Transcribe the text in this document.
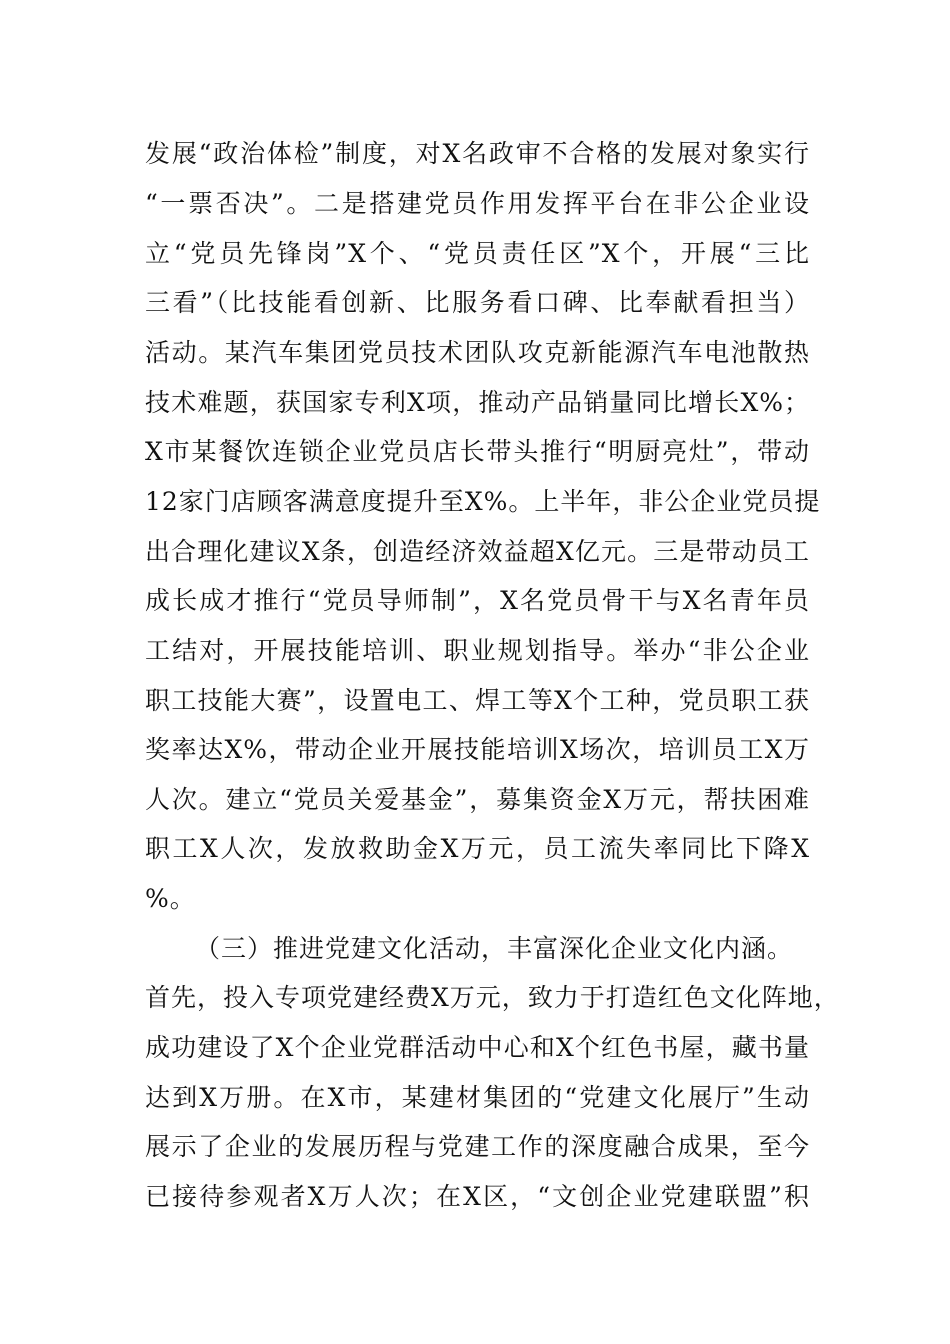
发展“政治体检”制度，对X名政审不合格的发展对象实行
“一票否决”。二是搭建党员作用发挥平台在非公企业设
立“党员先锋岗”X个、“党员责任区”X个，开展“三比
三看”（比技能看创新、比服务看口碑、比奉献看担当）
活动。某汽车集团党员技术团队攻克新能源汽车电池散热
技术难题，获国家专利X项，推动产品销量同比增长X%；
X市某餐饮连锁企业党员店长带头推行“明厨亮灶”，带动
12家门店顾客满意度提升至X%。上半年，非公企业党员提
出合理化建议X条，创造经济效益超X亿元。三是带动员工
成长成才推行“党员导师制”，X名党员骨干与X名青年员
工结对，开展技能培训、职业规划指导。举办“非公企业
职工技能大赛”，设置电工、焊工等X个工种，党员职工获
奖率达X%，带动企业开展技能培训X场次，培训员工X万
人次。建立“党员关爱基金”，募集资金X万元，帮扶困难
职工X人次，发放救助金X万元，员工流失率同比下降X
%。
（三）推进党建文化活动，丰富深化企业文化内涵。
首先，投入专项党建经费X万元，致力于打造红色文化阵地，
成功建设了X个企业党群活动中心和X个红色书屋，藏书量
达到X万册。在X市，某建材集团的“党建文化展厅”生动
展示了企业的发展历程与党建工作的深度融合成果，至今
已接待参观者X万人次；在X区，“文创企业党建联盟”积
